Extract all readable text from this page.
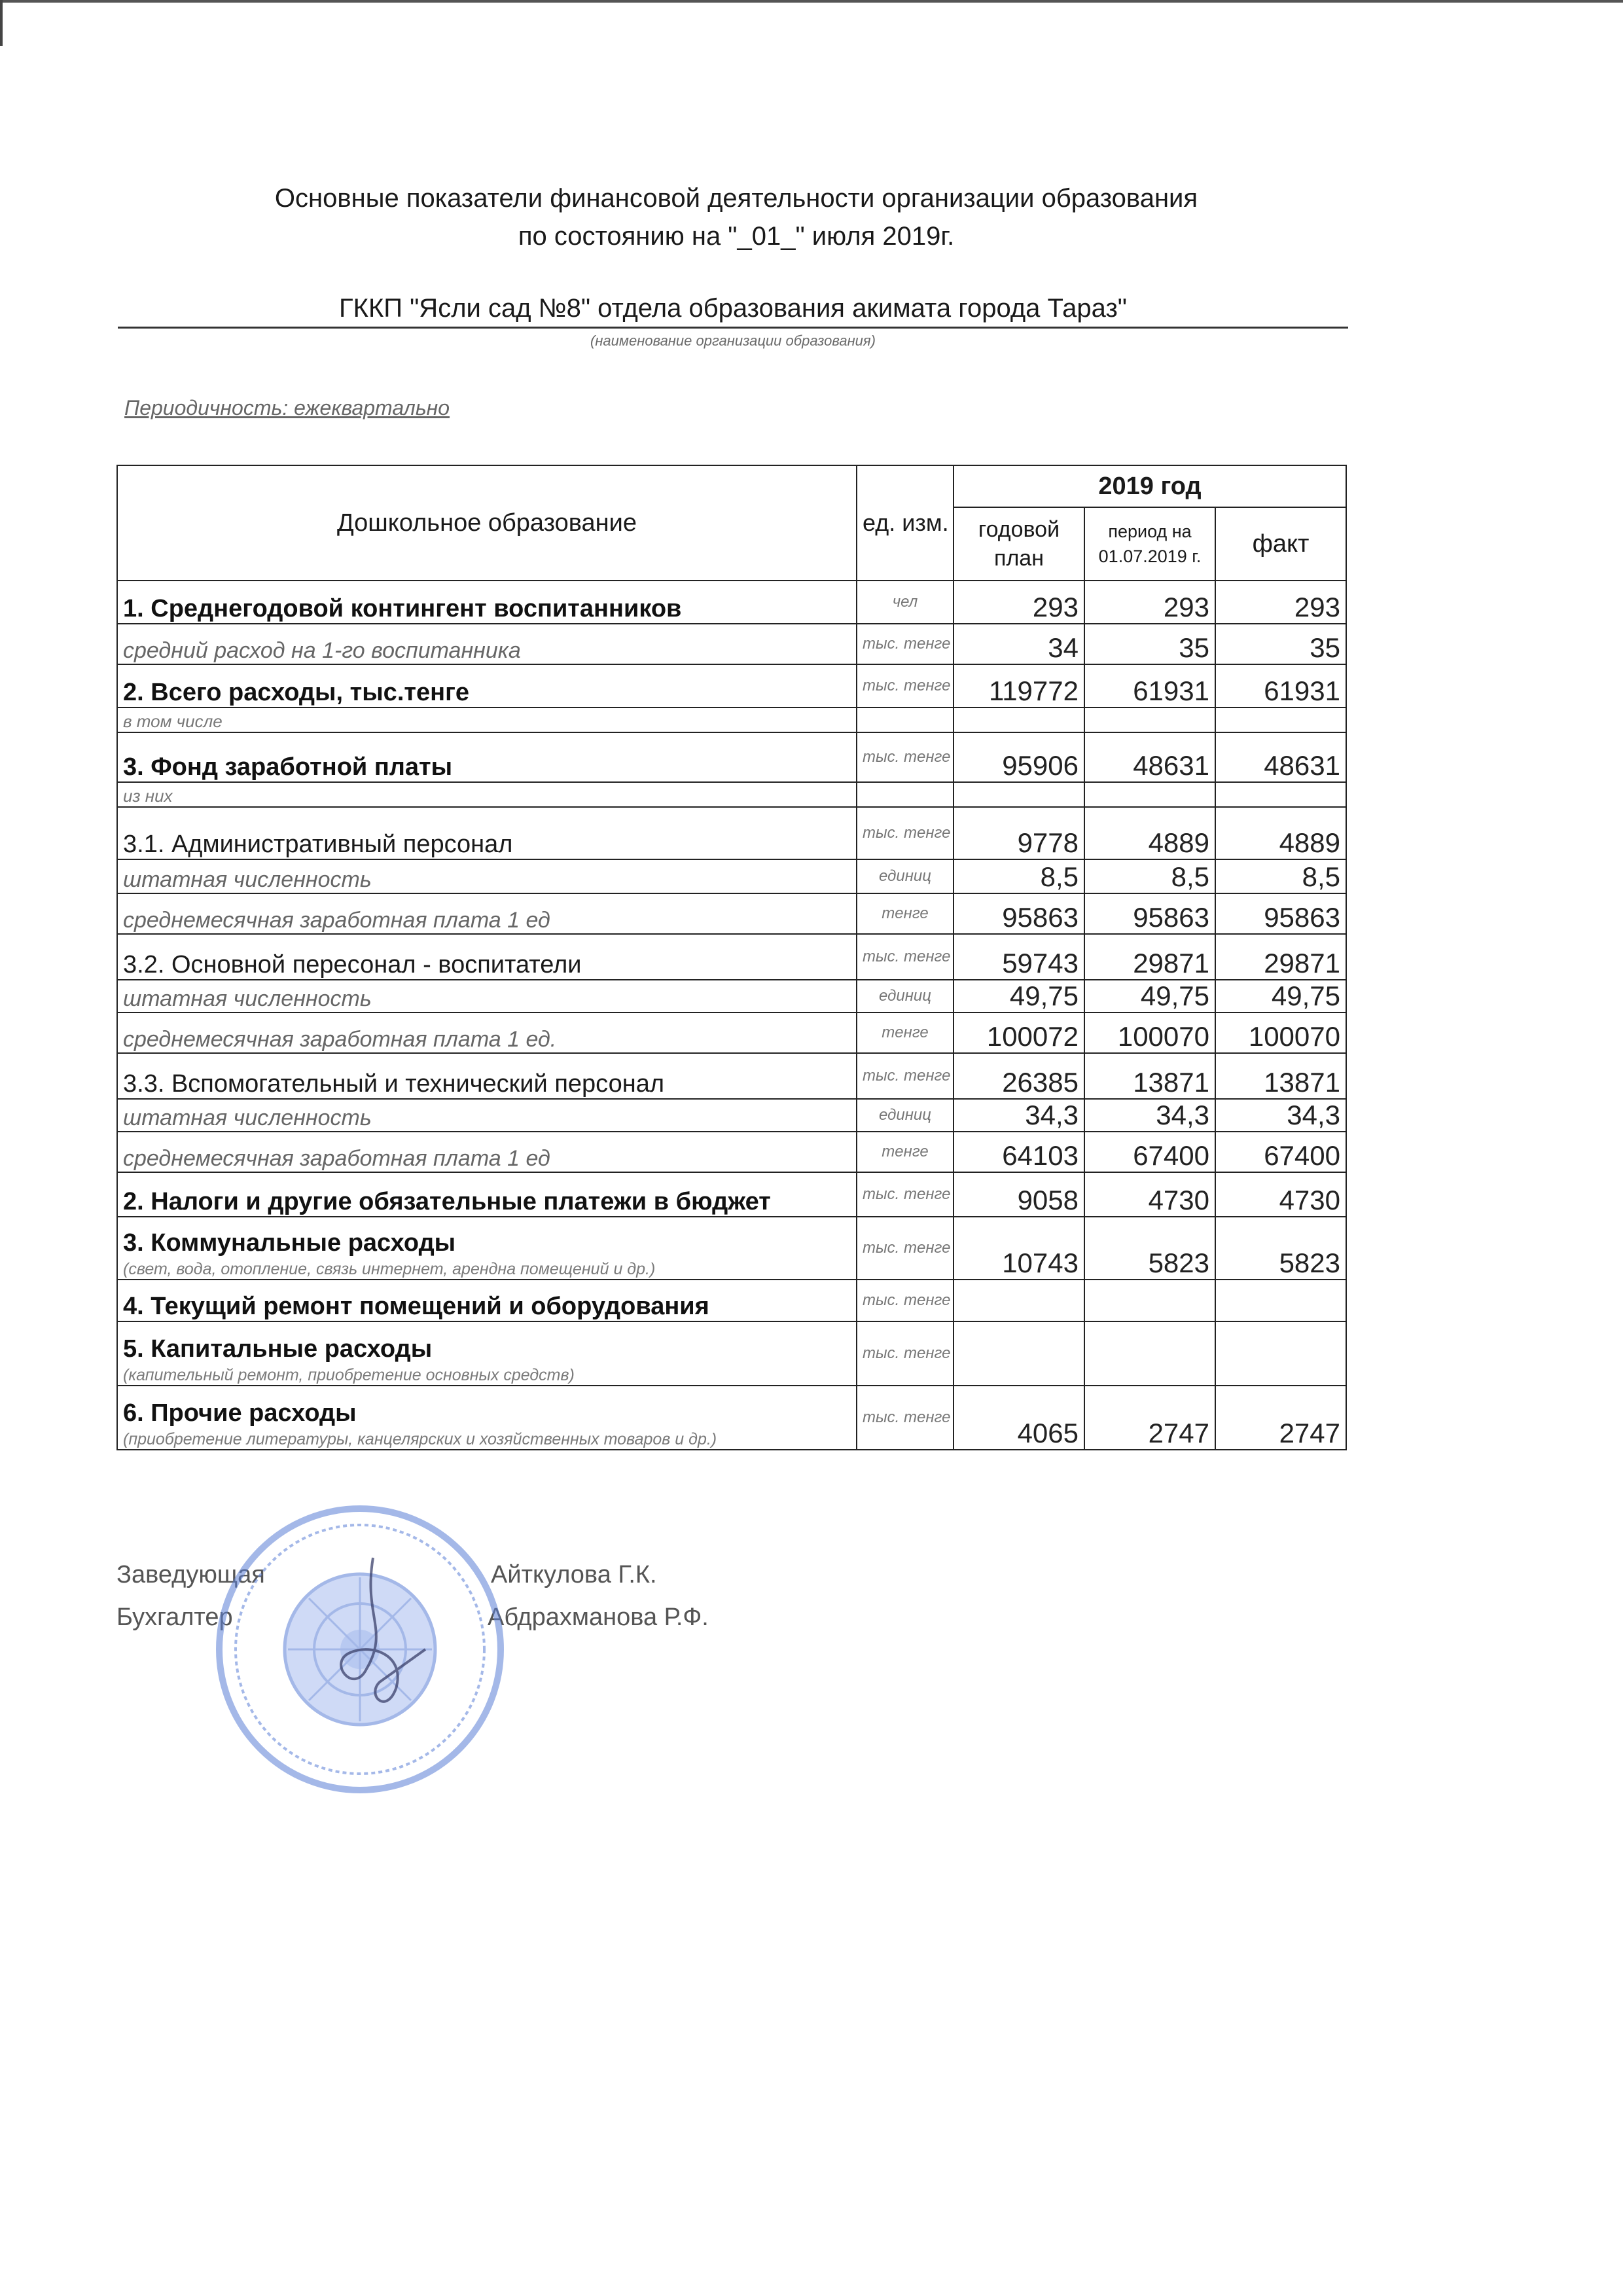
Основные показатели финансовой деятельности организации образования
по состоянию на "_01_" июля 2019г.
ГККП "Ясли сад №8" отдела образования акимата города Тараз"
(наименование организации образования)
Периодичность: ежеквартально
Дошкольное образование	ед. изм.	2019 год		
		годовой план	период на 01.07.2019 г.	факт
1. Среднегодовой контингент воспитанников	чел	293	293	293
средний расход на 1-го воспитанника	тыс. тенге	34	35	35
2. Всего расходы, тыс.тенге	тыс. тенге	119772	61931	61931
в том числе				
3. Фонд заработной платы	тыс. тенге	95906	48631	48631
из них				
3.1. Административный персонал	тыс. тенге	9778	4889	4889
штатная численность	единиц	8,5	8,5	8,5
среднемесячная заработная плата 1 ед	тенге	95863	95863	95863
3.2. Основной пересонал - воспитатели	тыс. тенге	59743	29871	29871
штатная численность	единиц	49,75	49,75	49,75
среднемесячная заработная плата 1 ед.	тенге	100072	100070	100070
3.3. Вспомогательный и технический персонал	тыс. тенге	26385	13871	13871
штатная численность	единиц	34,3	34,3	34,3
среднемесячная заработная плата 1 ед	тенге	64103	67400	67400
2. Налоги и другие обязательные платежи в бюджет	тыс. тенге	9058	4730	4730
3. Коммунальные расходы
(свет, вода, отопление, связь интернет, арендна помещений и др.)	тыс. тенге	10743	5823	5823
4. Текущий ремонт помещений и оборудования	тыс. тенге			
5. Капитальные расходы
(капительный ремонт, приобретение основных средств)	тыс. тенге			
6. Прочие расходы
(приобретение литературы, канцелярских и хозяйственных товаров и др.)	тыс. тенге	4065	2747	2747
Заведующая	Айткулова Г.К.
Бухгалтер	Абдрахманова Р.Ф.
